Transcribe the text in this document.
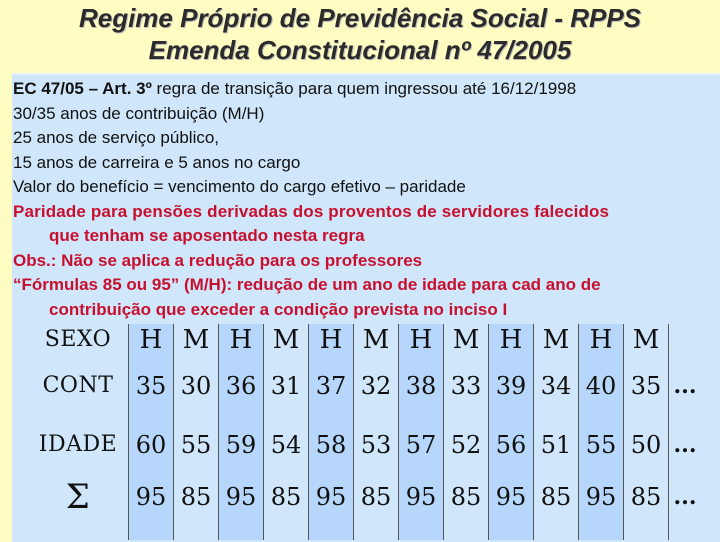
Regime Próprio de Previdência Social - RPPS
Emenda Constitucional nº 47/2005
EC 47/05 – Art. 3º regra de transição para quem ingressou até 16/12/1998
30/35 anos de contribuição (M/H)
25 anos de serviço público,
15 anos de carreira e 5 anos no cargo
Valor do benefício = vencimento do cargo efetivo – paridade
Paridade para pensões derivadas dos proventos de servidores falecidos
que tenham se aposentado nesta regra
Obs.: Não se aplica a redução para os professores
“Fórmulas 85 ou 95” (M/H): redução de um ano de idade para cad ano de
contribuição que exceder a condição prevista no inciso I
SEXO
CONT
IDADE
Σ
H M H M H M H M H M H M
35 30 36 31 37 32 38 33 39 34 40 35 ...
60 55 59 54 58 53 57 52 56 51 55 50 ...
95 85 95 85 95 85 95 85 95 85 95 85 ...
